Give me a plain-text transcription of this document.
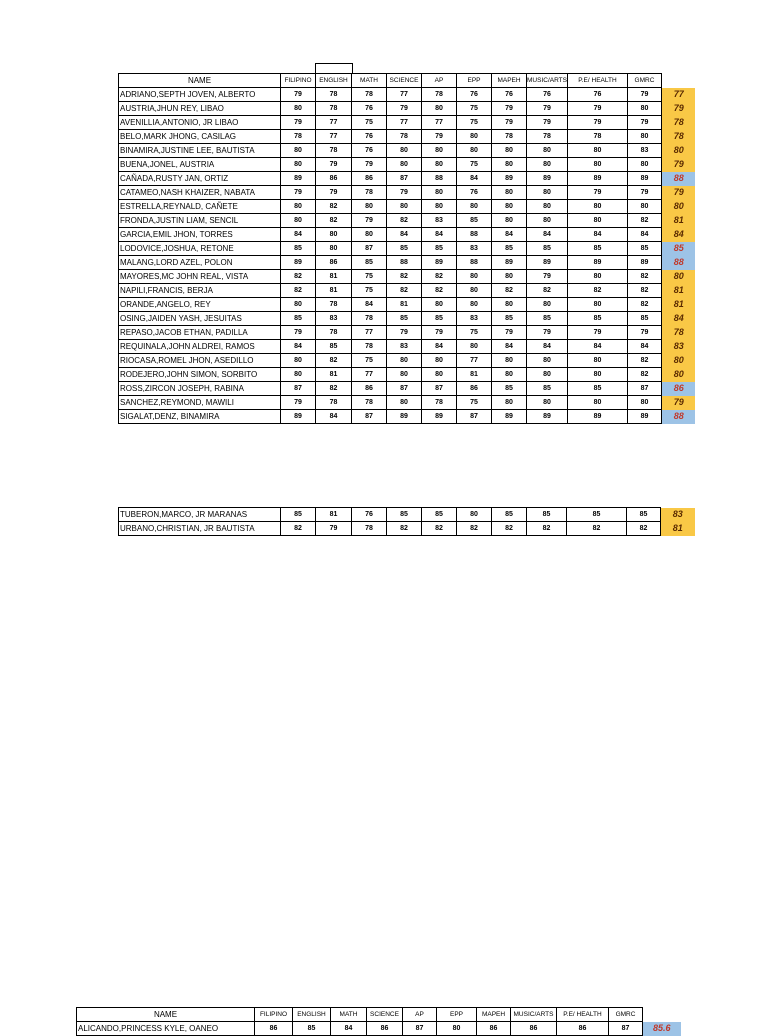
NAME	FILIPINO	ENGLISH	MATH	SCIENCE	AP	EPP	MAPEH	MUSIC/ARTS	P.E/ HEALTH	GMRC	
ADRIANO,SEPTH JOVEN, ALBERTO	79	78	78	77	78	76	76	76	76	79	77
AUSTRIA,JHUN REY, LIBAO	80	78	76	79	80	75	79	79	79	80	79
AVENILLIA,ANTONIO, JR LIBAO	79	77	75	77	77	75	79	79	79	79	78
BELO,MARK JHONG, CASILAG	78	77	76	78	79	80	78	78	78	80	78
BINAMIRA,JUSTINE LEE, BAUTISTA	80	78	76	80	80	80	80	80	80	83	80
BUENA,JONEL, AUSTRIA	80	79	79	80	80	75	80	80	80	80	79
CAÑADA,RUSTY JAN, ORTIZ	89	86	86	87	88	84	89	89	89	89	88
CATAMEO,NASH KHAIZER, NABATA	79	79	78	79	80	76	80	80	79	79	79
ESTRELLA,REYNALD, CAÑETE	80	82	80	80	80	80	80	80	80	80	80
FRONDA,JUSTIN LIAM, SENCIL	80	82	79	82	83	85	80	80	80	82	81
GARCIA,EMIL JHON, TORRES	84	80	80	84	84	88	84	84	84	84	84
LODOVICE,JOSHUA, RETONE	85	80	87	85	85	83	85	85	85	85	85
MALANG,LORD AZEL, POLON	89	86	85	88	89	88	89	89	89	89	88
MAYORES,MC JOHN REAL, VISTA	82	81	75	82	82	80	80	79	80	82	80
NAPILI,FRANCIS, BERJA	82	81	75	82	82	80	82	82	82	82	81
ORANDE,ANGELO, REY	80	78	84	81	80	80	80	80	80	82	81
OSING,JAIDEN YASH, JESUITAS	85	83	78	85	85	83	85	85	85	85	84
REPASO,JACOB ETHAN, PADILLA	79	78	77	79	79	75	79	79	79	79	78
REQUINALA,JOHN ALDREI, RAMOS	84	85	78	83	84	80	84	84	84	84	83
RIOCASA,ROMEL JHON, ASEDILLO	80	82	75	80	80	77	80	80	80	82	80
RODEJERO,JOHN SIMON, SORBITO	80	81	77	80	80	81	80	80	80	82	80
ROSS,ZIRCON JOSEPH, RABINA	87	82	86	87	87	86	85	85	85	87	86
SANCHEZ,REYMOND, MAWILI	79	78	78	80	78	75	80	80	80	80	79
SIGALAT,DENZ, BINAMIRA	89	84	87	89	89	87	89	89	89	89	88
TUBERON,MARCO, JR MARANAS	85	81	76	85	85	80	85	85	85	85	83
URBANO,CHRISTIAN, JR BAUTISTA	82	79	78	82	82	82	82	82	82	82	81
NAME	FILIPINO	ENGLISH	MATH	SCIENCE	AP	EPP	MAPEH	MUSIC/ARTS	P.E/ HEALTH	GMRC	
ALICANDO,PRINCESS KYLE, OANEO	86	85	84	86	87	80	86	86	86	87	85.6
